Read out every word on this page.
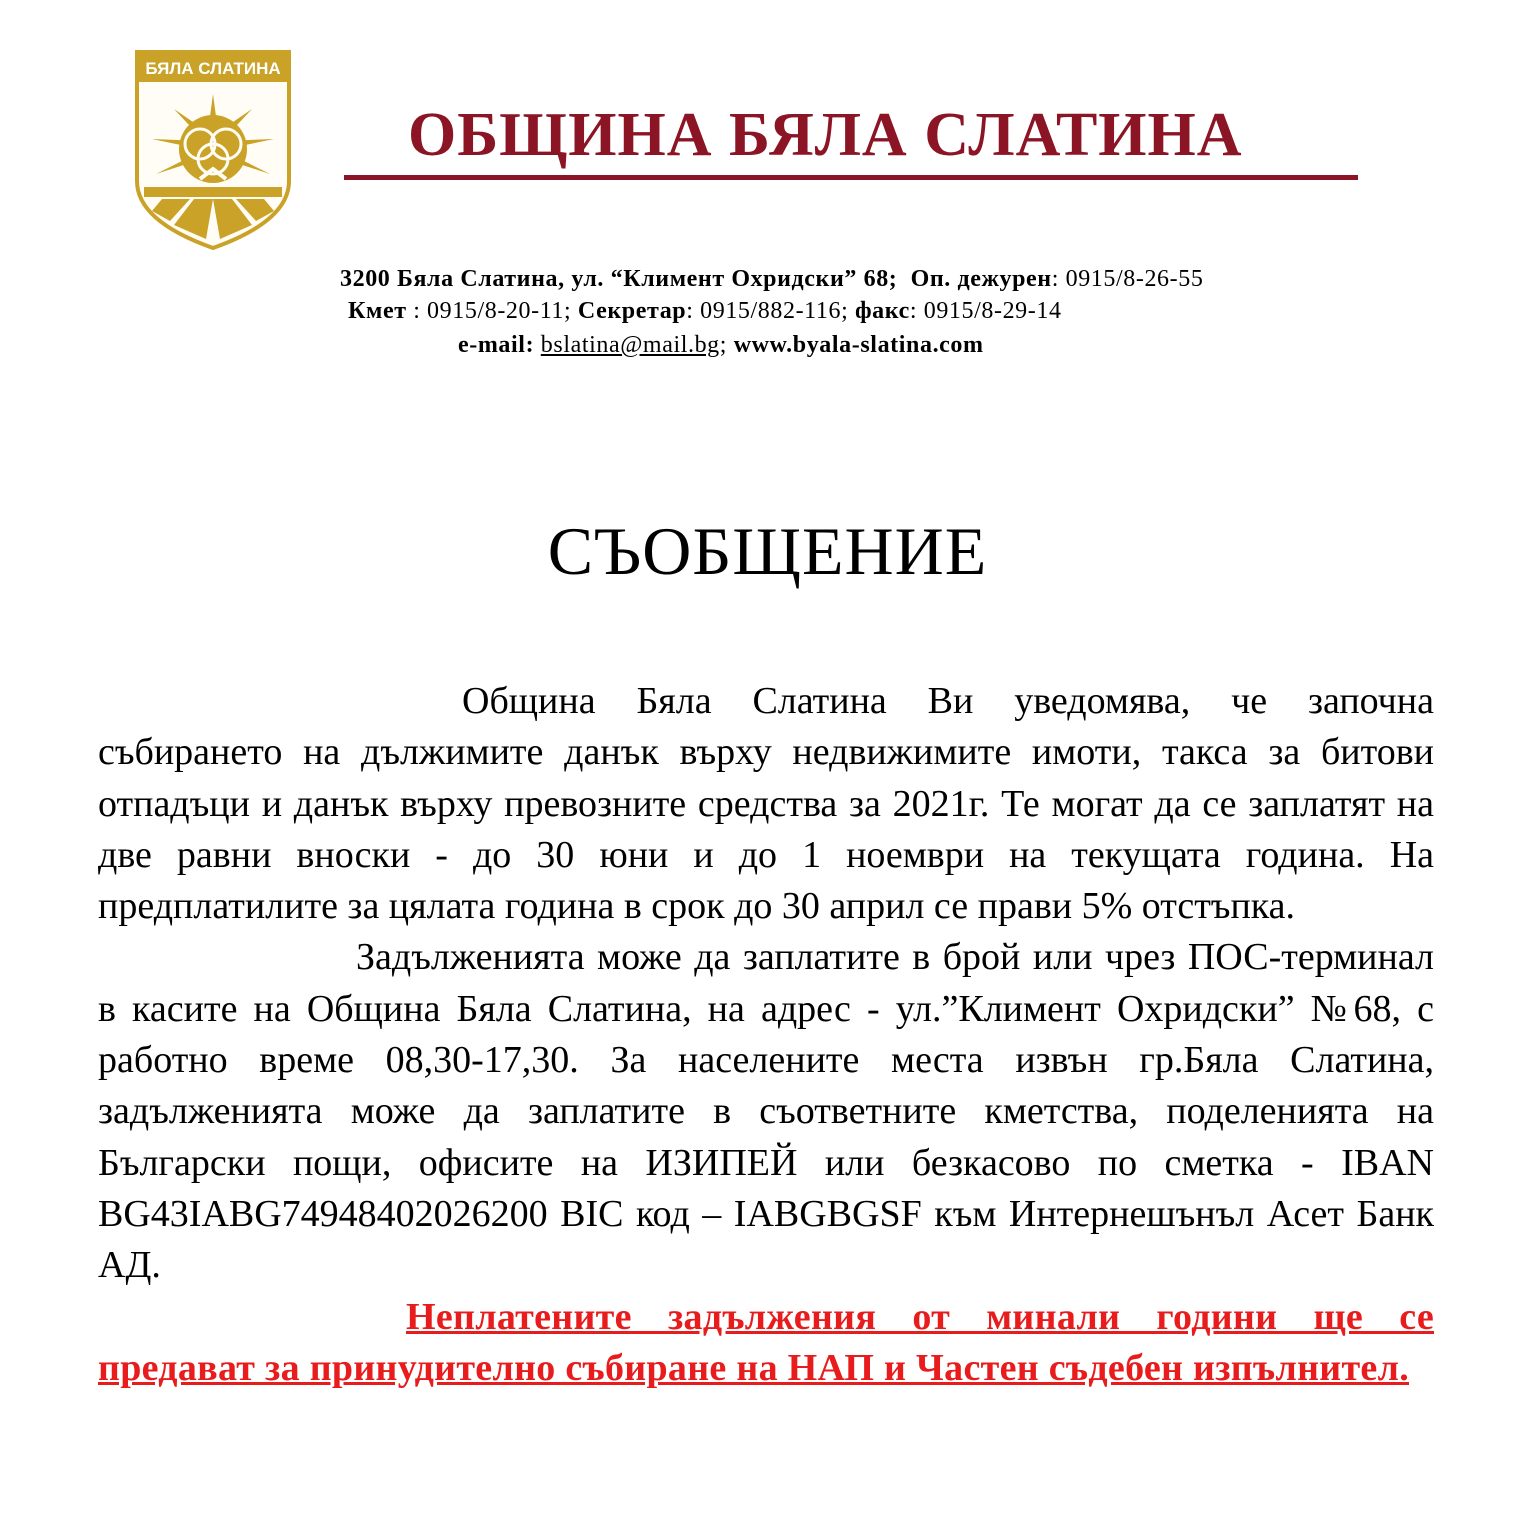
БЯЛА СЛАТИНА
ОБЩИНА БЯЛА СЛАТИНА
3200 Бяла Слатина, ул. “Климент Охридски” 68; Оп. дежурен: 0915/8-26-55
Кмет : 0915/8-20-11; Секретар: 0915/882-116; факс: 0915/8-29-14
e-mail: bslatina@mail.bg; www.byala-slatina.com
СЪОБЩЕНИЕ

Община Бяла Слатина Ви уведомява, че започна събирането на дължимите данък върху недвижимите имоти, такса за битови отпадъци и данък върху превозните средства за 2021г. Те могат да се заплатят на две равни вноски - до 30 юни и до 1 ноември на текущата година. На предплатилите за цялата година в срок до 30 април се прави 5% отстъпка.

Задълженията може да заплатите в брой или чрез ПОС-терминал в касите на Община Бяла Слатина, на адрес - ул.”Климент Охридски” №68, с работно време 08,30-17,30. За населените места извън гр.Бяла Слатина, задълженията може да заплатите в съответните кметства, поделенията на Български пощи, офисите на ИЗИПЕЙ или безкасово по сметка - IBAN BG43IABG74948402026200 BIC код – IABGBGSF към Интернешънъл Асет Банк АД.

Неплатените задължения от минали години ще се предават за принудително събиране на НАП и Частен съдебен изпълнител.
